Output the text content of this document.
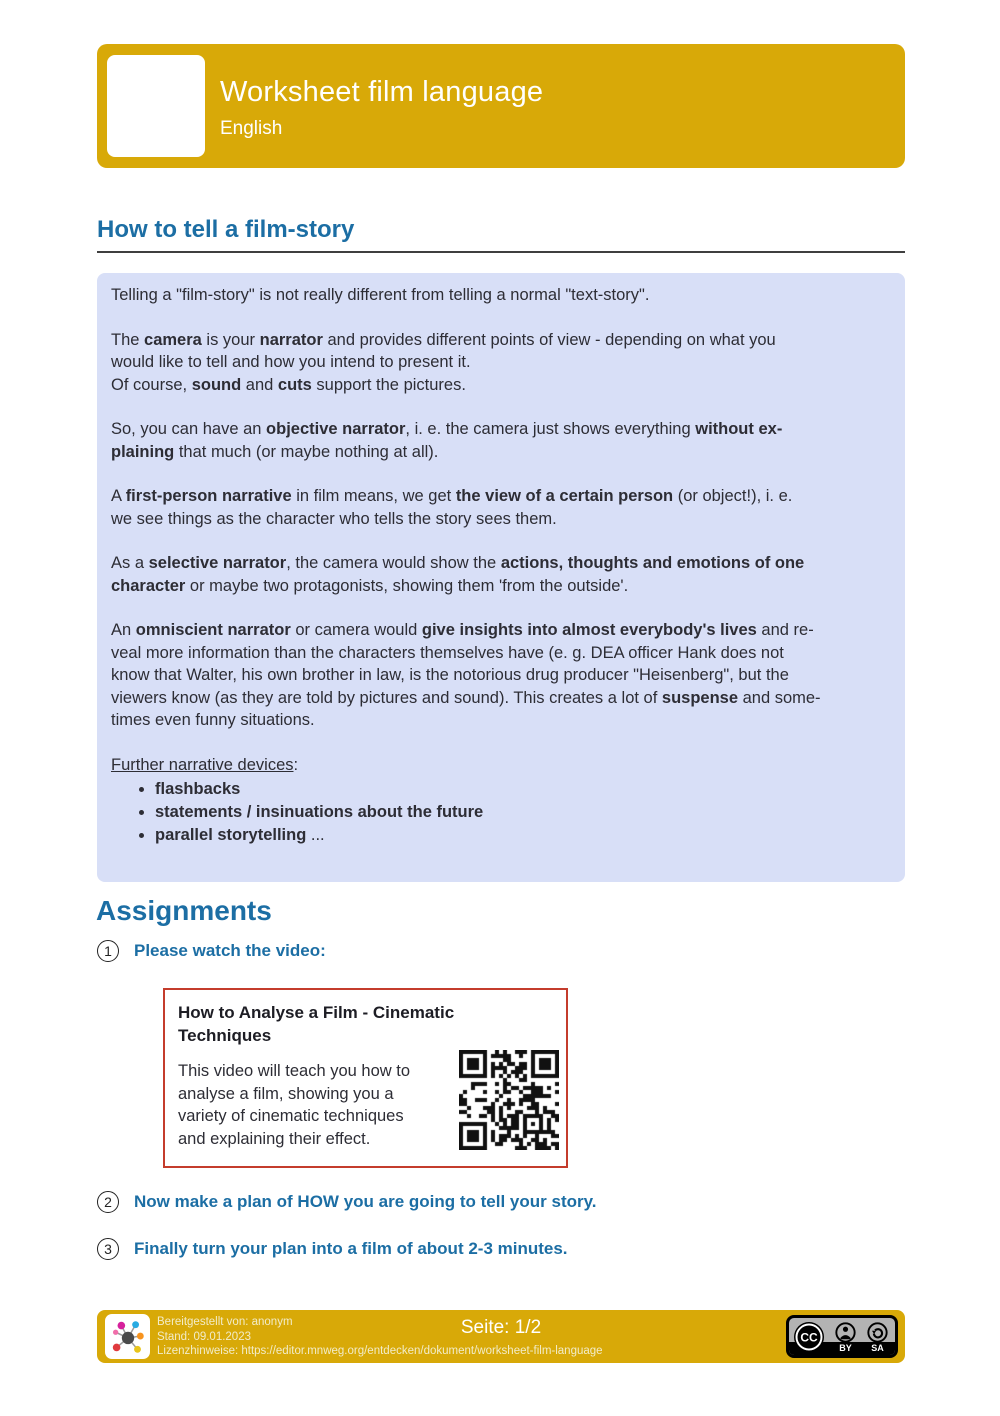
Worksheet film language
English
How to tell a film-story

Telling a "film-story" is not really different from telling a normal "text-story".

The camera is your narrator and provides different points of view - depending on what you
would like to tell and how you intend to present it.
Of course, sound and cuts support the pictures.

So, you can have an objective narrator, i. e. the camera just shows everything without ex-
plaining that much (or maybe nothing at all).

A first-person narrative in film means, we get the view of a certain person (or object!), i. e.
we see things as the character who tells the story sees them.

As a selective narrator, the camera would show the actions, thoughts and emotions of one
character or maybe two protagonists, showing them 'from the outside'.

An omniscient narrator or camera would give insights into almost everybody's lives and re-
veal more information than the characters themselves have (e. g. DEA officer Hank does not
know that Walter, his own brother in law, is the notorious drug producer "Heisenberg", but the
viewers know (as they are told by pictures and sound). This creates a lot of suspense and some-
times even funny situations.

Further narrative devices:

• flashbacks
• statements / insinuations about the future
• parallel storytelling ...
Assignments
1	Please watch the video:
How to Analyse a Film - Cinematic
Techniques
This video will teach you how to
analyse a film, showing you a
variety of cinematic techniques
and explaining their effect.
2	Now make a plan of HOW you are going to tell your story.
3	Finally turn your plan into a film of about 2-3 minutes.
Bereitgestellt von: anonym
Stand: 09.01.2023
Lizenzhinweise: https://editor.mnweg.org/entdecken/dokument/worksheet-film-language
Seite: 1/2	CC
BY	SA
